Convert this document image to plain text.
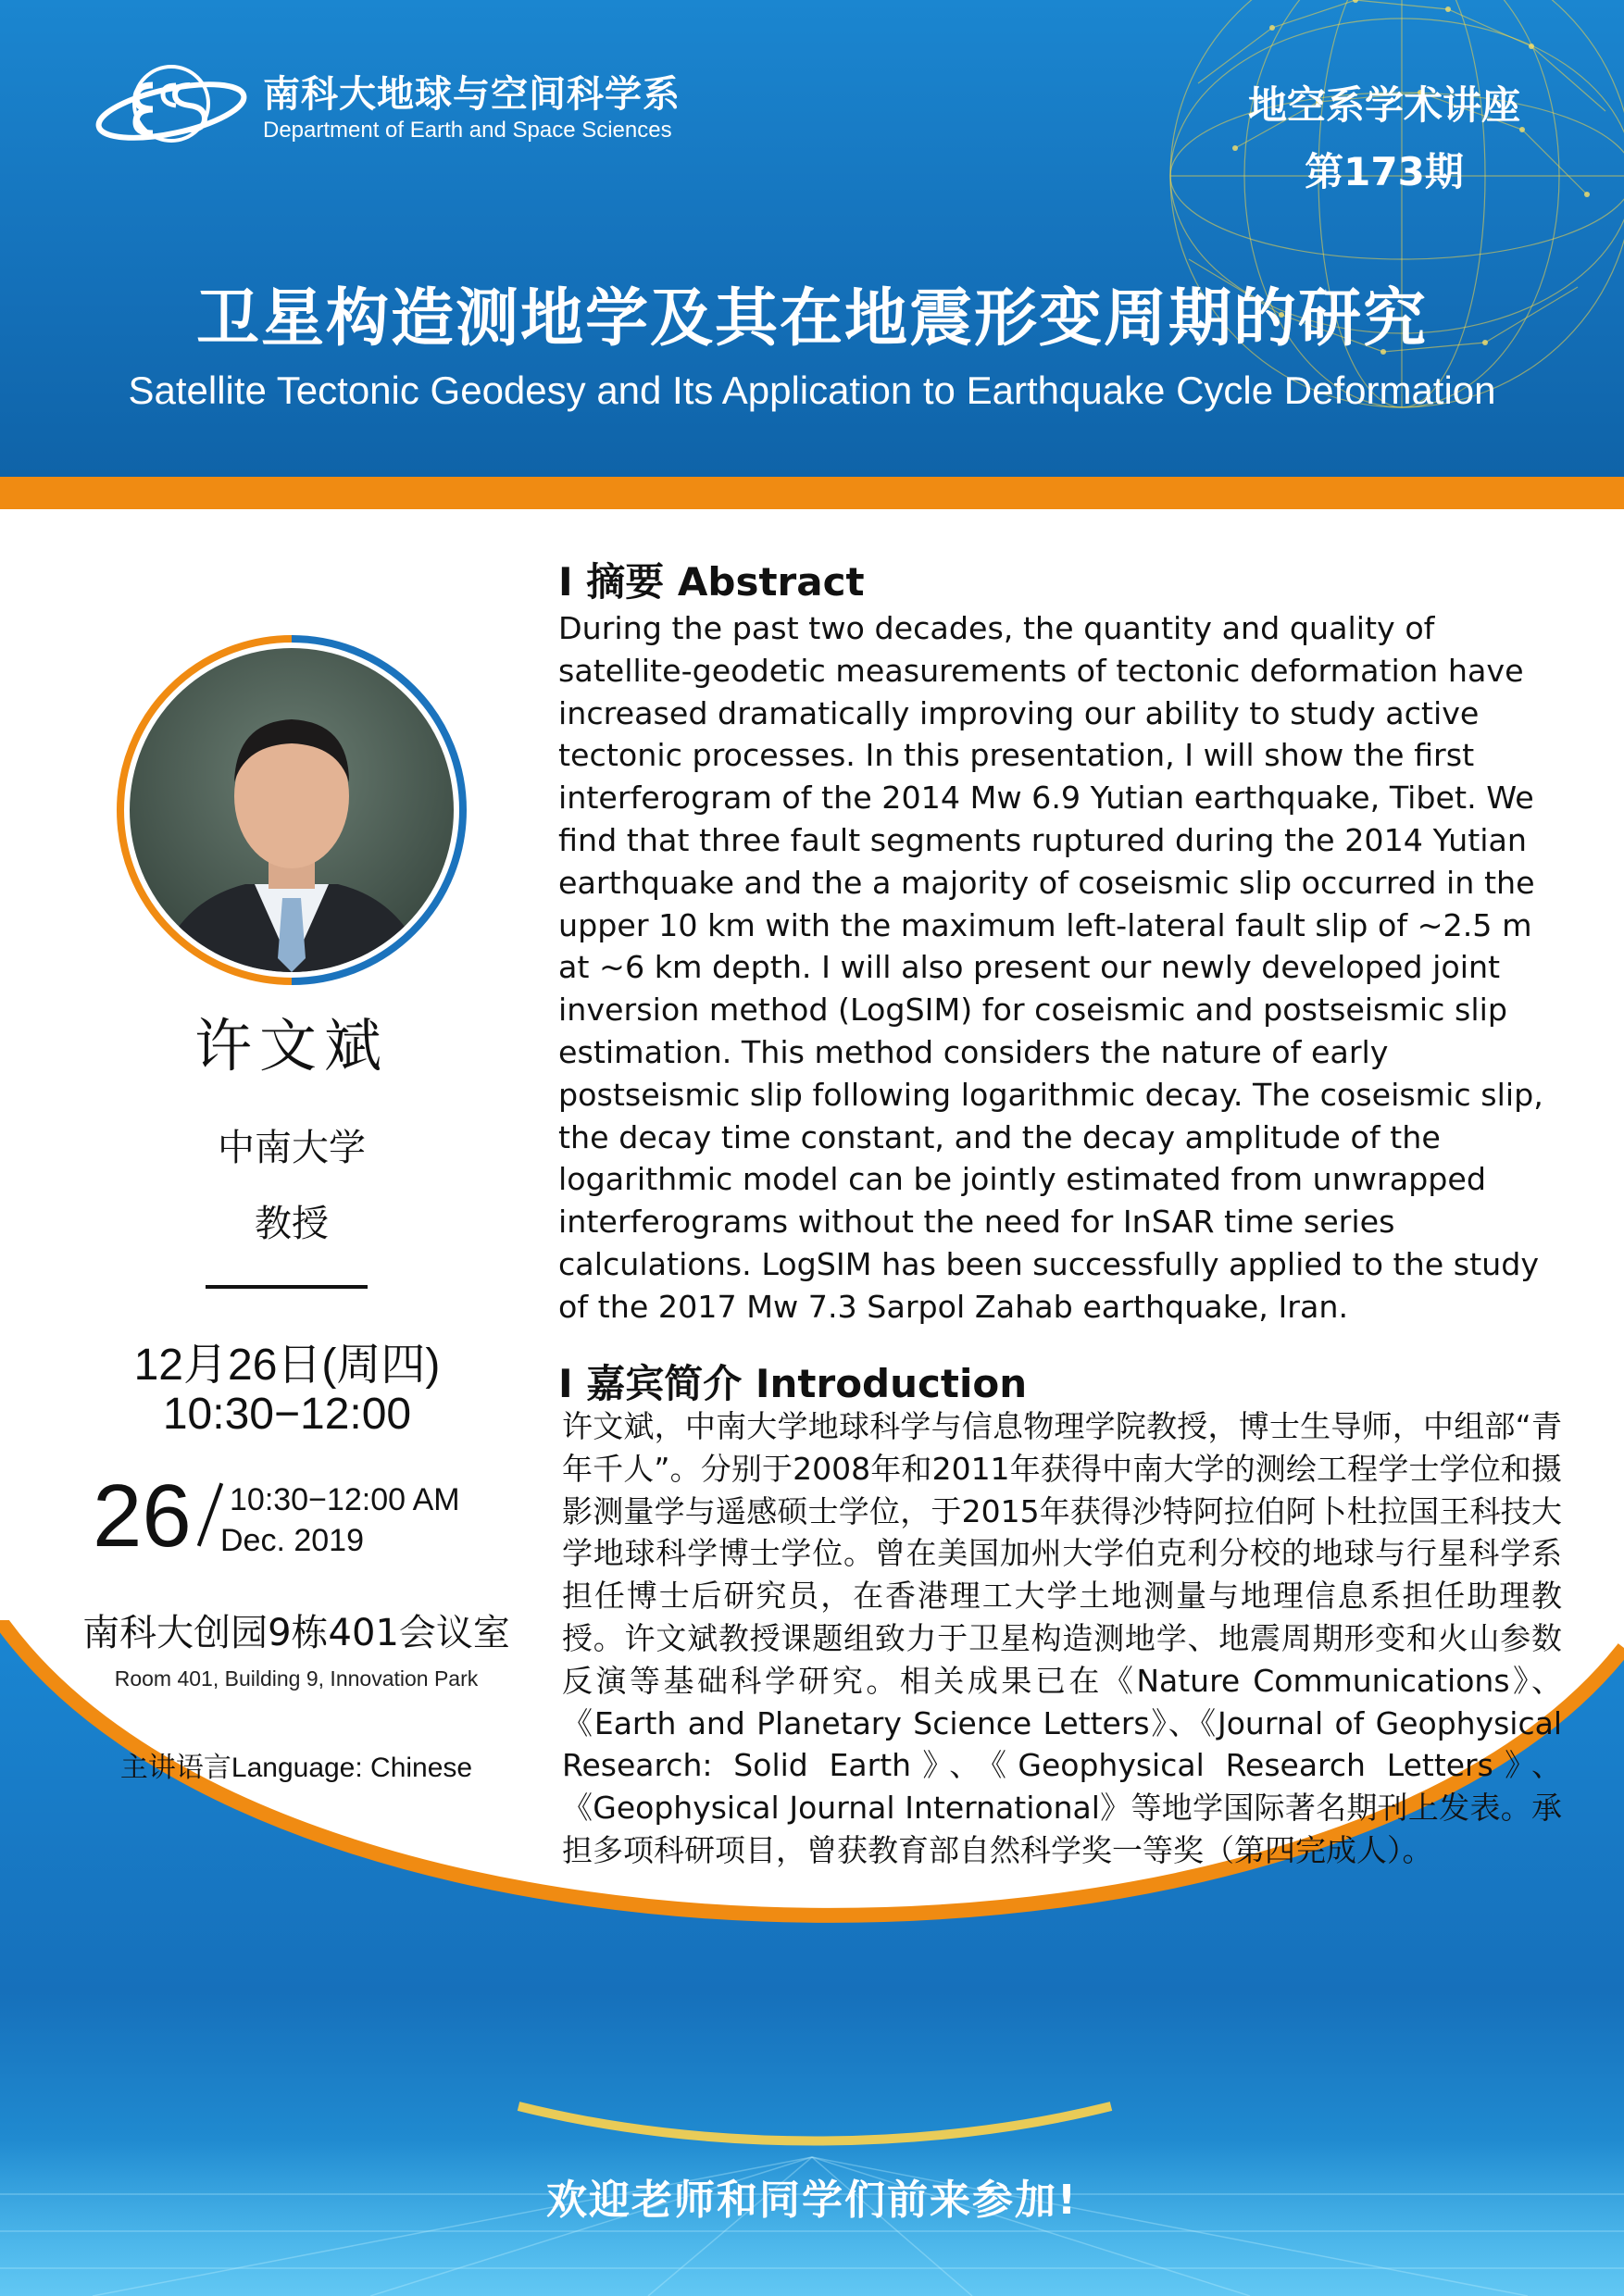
南科大地球与空间科学系
Department of Earth and Space Sciences
地空系学术讲座
第173期
卫星构造测地学及其在地震形变周期的研究
Satellite Tectonic Geodesy and Its Application to Earthquake Cycle Deformation
欢迎老师和同学们前来参加!
许文斌
中南大学
教授
12月26日(周四)
10:30−12:00
26 10:30−12:00 AM
Dec. 2019
南科大创园9栋401会议室
Room 401, Building 9, Innovation Park
主讲语言Language: Chinese
I 摘要 Abstract
During the past two decades, the quantity and quality of satellite-geodetic measurements of tectonic deformation have increased dramatically improving our ability to study active tectonic processes. In this presentation, I will show the first interferogram of the 2014 Mw 6.9 Yutian earthquake, Tibet. We find that three fault segments ruptured during the 2014 Yutian earthquake and the a majority of coseismic slip occurred in the upper 10 km with the maximum left-lateral fault slip of ~2.5 m at ~6 km depth. I will also present our newly developed joint inversion method (LogSIM) for coseismic and postseismic slip estimation. This method considers the nature of early postseismic slip following logarithmic decay. The coseismic slip, the decay time constant, and the decay amplitude of the logarithmic model can be jointly estimated from unwrapped interferograms without the need for InSAR time series calculations. LogSIM has been successfully applied to the study of the 2017 Mw 7.3 Sarpol Zahab earthquake, Iran.
I 嘉宾简介 Introduction
许文斌，中南大学地球科学与信息物理学院教授，博士生导师，中组部“青年千人”。分别于2008年和2011年获得中南大学的测绘工程学士学位和摄影测量学与遥感硕士学位，于2015年获得沙特阿拉伯阿卜杜拉国王科技大学地球科学博士学位。曾在美国加州大学伯克利分校的地球与行星科学系担任博士后研究员，在香港理工大学土地测量与地理信息系担任助理教授。许文斌教授课题组致力于卫星构造测地学、地震周期形变和火山参数反演等基础科学研究。相关成果已在《Nature Communications》、《Earth and Planetary Science Letters》、《Journal of Geophysical Research: Solid Earth》、《Geophysical Research Letters》、《Geophysical Journal International》等地学国际著名期刊上发表。承担多项科研项目，曾获教育部自然科学奖一等奖（第四完成人）。
